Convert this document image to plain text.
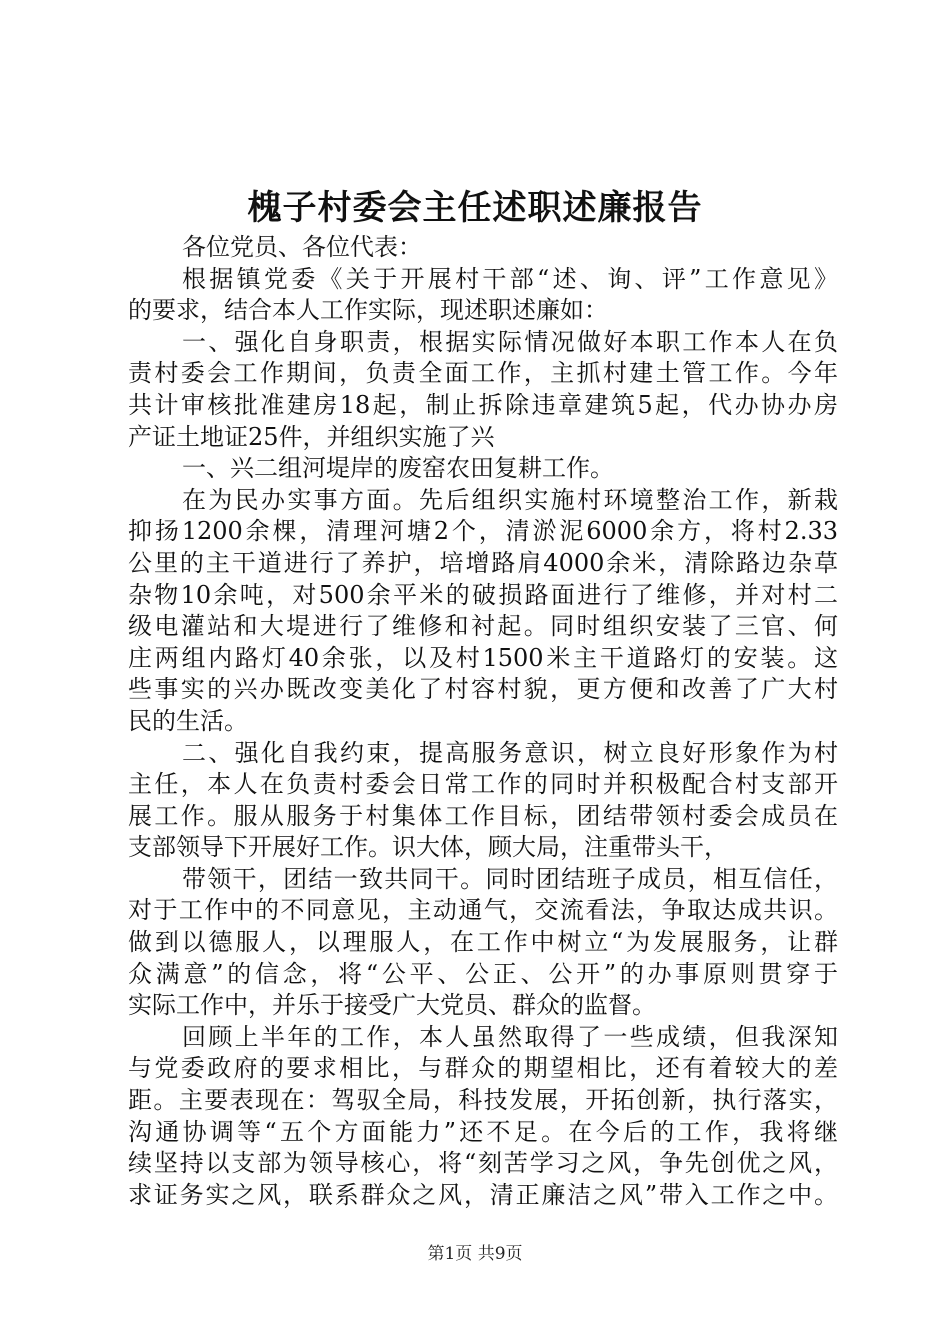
槐子村委会主任述职述廉报告
各位党员、各位代表：
根据镇党委《关于开展村干部“述、询、评”工作意见》
的要求，结合本人工作实际，现述职述廉如：
一、强化自身职责，根据实际情况做好本职工作本人在负
责村委会工作期间，负责全面工作，主抓村建土管工作。今年
共计审核批准建房18起，制止拆除违章建筑5起，代办协办房
产证土地证25件，并组织实施了兴
一、兴二组河堤岸的废窑农田复耕工作。
在为民办实事方面。先后组织实施村环境整治工作，新栽
抑扬1200余棵，清理河塘2个，清淤泥6000余方，将村2.33
公里的主干道进行了养护，培增路肩4000余米，清除路边杂草
杂物10余吨，对500余平米的破损路面进行了维修，并对村二
级电灌站和大堤进行了维修和衬起。同时组织安装了三官、何
庄两组内路灯40余张，以及村1500米主干道路灯的安装。这
些事实的兴办既改变美化了村容村貌，更方便和改善了广大村
民的生活。
二、强化自我约束，提高服务意识，树立良好形象作为村
主任，本人在负责村委会日常工作的同时并积极配合村支部开
展工作。服从服务于村集体工作目标，团结带领村委会成员在
支部领导下开展好工作。识大体，顾大局，注重带头干，
带领干，团结一致共同干。同时团结班子成员，相互信任，
对于工作中的不同意见，主动通气，交流看法，争取达成共识。
做到以德服人，以理服人，在工作中树立“为发展服务，让群
众满意”的信念，将“公平、公正、公开”的办事原则贯穿于
实际工作中，并乐于接受广大党员、群众的监督。
回顾上半年的工作，本人虽然取得了一些成绩，但我深知
与党委政府的要求相比，与群众的期望相比，还有着较大的差
距。主要表现在：驾驭全局，科技发展，开拓创新，执行落实，
沟通协调等“五个方面能力”还不足。在今后的工作，我将继
续坚持以支部为领导核心，将“刻苦学习之风，争先创优之风，
求证务实之风，联系群众之风，清正廉洁之风”带入工作之中。
第1页 共9页
